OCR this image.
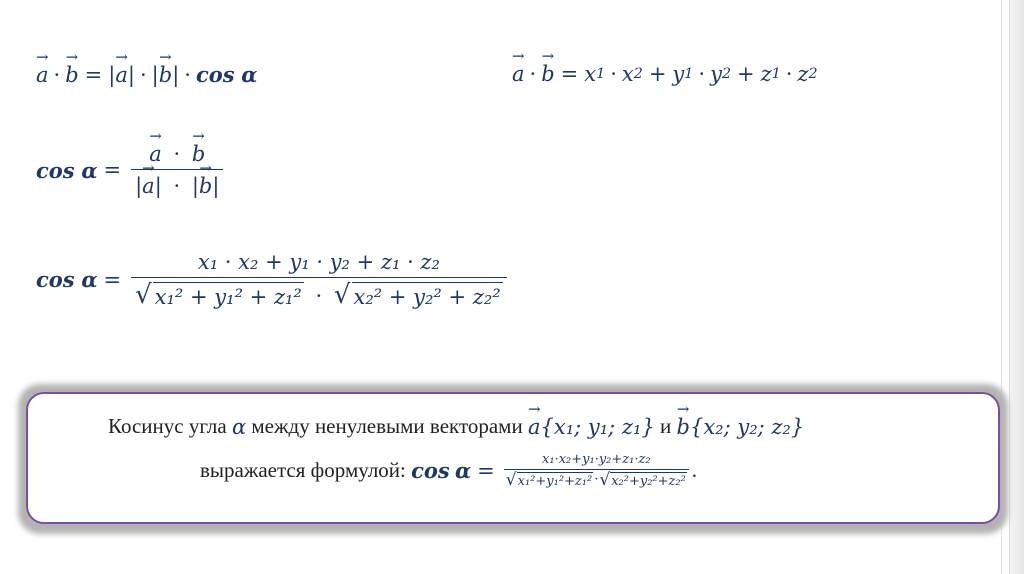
→ a · → b = | → a | · | → b | · cos
α	→ a · → b = x 1 · x 2 + y 1 · y 2 + z 1 · z 2
cos
α = → $\frac{a \cdot \to b}{|\to a| \cdot |\to b|}$
cos
α =
x₁ · x₂ + y₁ · y₂ + z₁ · z₂
√ x₁² + y₁² + z₁² · √ x₂² + y₂² + z₂²
Косинус угла
α
между ненулевыми векторами
→ a {x₁; y₁; z₁}
и
→ b {x₂; y₂; z₂}
выражается формулой:
cos
$\alpha = \frac{\text{x₁·x₂+y₁·y₂+z₁·z₂}}{\text{√ x₁²+y₁²+z₁² · √ x₂²+y₂²+z₂²}}$ .
